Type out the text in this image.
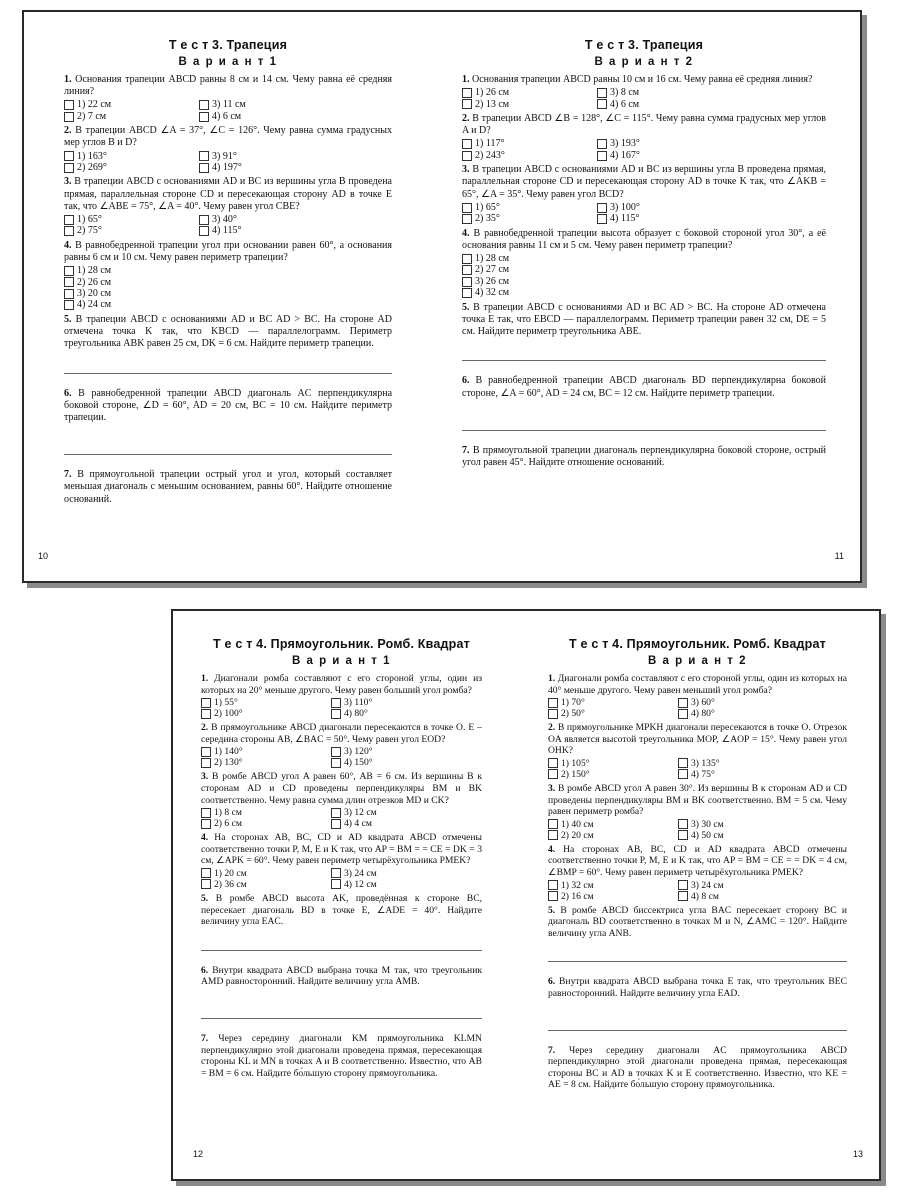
Т е с т 3. Трапеция
В а р и а н т 1
1. Основания трапеции ABCD равны 8 см и 14 см. Чему равна её средняя линия?
1) 22 см	3) 11 см
2) 7 см	4) 6 см
2. В трапеции ABCD ∠A = 37°, ∠C = 126°. Чему равна сумма градусных мер углов B и D?
1) 163°	3) 91°
2) 269°	4) 197°
3. В трапеции ABCD с основаниями AD и BC из вершины угла B проведена прямая, параллельная стороне CD и пересекающая сторону AD в точке E так, что ∠ABE = 75°, ∠A = 40°. Чему равен угол CBE?
1) 65°	3) 40°
2) 75°	4) 115°
4. В равнобедренной трапеции угол при основании равен 60°, а основания равны 6 см и 10 см. Чему равен периметр трапеции?
1) 28 см
2) 26 см
3) 20 см
4) 24 см
5. В трапеции ABCD с основаниями AD и BC AD > BC. На стороне AD отмечена точка K так, что KBCD — параллелограмм. Периметр треугольника ABK равен 25 см, DK = 6 см. Найдите периметр трапеции.
6. В равнобедренной трапеции ABCD диагональ AC перпендикулярна боковой стороне, ∠D = 60°, AD = 20 см, BC = 10 см. Найдите периметр трапеции.
7. В прямоугольной трапеции острый угол и угол, который составляет меньшая диагональ с меньшим основанием, равны 60°. Найдите отношение оснований.
10
Т е с т 3. Трапеция
В а р и а н т 2
1. Основания трапеции ABCD равны 10 см и 16 см. Чему равна её средняя линия?
1) 26 см	3) 8 см
2) 13 см	4) 6 см
2. В трапеции ABCD ∠B = 128°, ∠C = 115°. Чему равна сумма градусных мер углов A и D?
1) 117°	3) 193°
2) 243°	4) 167°
3. В трапеции ABCD с основаниями AD и BC из вершины угла B проведена прямая, параллельная стороне CD и пересекающая сторону AD в точке K так, что ∠AKB = 65°, ∠A = 35°. Чему равен угол BCD?
1) 65°	3) 100°
2) 35°	4) 115°
4. В равнобедренной трапеции высота образует с боковой стороной угол 30°, а её основания равны 11 см и 5 см. Чему равен периметр трапеции?
1) 28 см
2) 27 см
3) 26 см
4) 32 см
5. В трапеции ABCD с основаниями AD и BC AD > BC. На стороне AD отмечена точка E так, что EBCD — параллелограмм. Периметр трапеции равен 32 см, DE = 5 см. Найдите периметр треугольника ABE.
6. В равнобедренной трапеции ABCD диагональ BD перпендикулярна боковой стороне, ∠A = 60°, AD = 24 см, BC = 12 см. Найдите периметр трапеции.
7. В прямоугольной трапеции диагональ перпендикулярна боковой стороне, острый угол равен 45°. Найдите отношение оснований.
11
Т е с т 4. Прямоугольник. Ромб. Квадрат
В а р и а н т 1
1. Диагонали ромба составляют с его стороной углы, один из которых на 20° меньше другого. Чему равен больший угол ромба?
1) 55°	3) 110°
2) 100°	4) 80°
2. В прямоугольнике ABCD диагонали пересекаются в точке O. E – середина стороны AB, ∠BAC = 50°. Чему равен угол EOD?
1) 140°	3) 120°
2) 130°	4) 150°
3. В ромбе ABCD угол A равен 60°, AB = 6 см. Из вершины B к сторонам AD и CD проведены перпендикуляры BM и BK соответственно. Чему равна сумма длин отрезков MD и CK?
1) 8 см	3) 12 см
2) 6 см	4) 4 см
4. На сторонах AB, BC, CD и AD квадрата ABCD отмечены соответственно точки P, M, E и K так, что AP = BM = = CE = DK = 3 см, ∠APK = 60°. Чему равен периметр четырёхугольника PMEK?
1) 20 см	3) 24 см
2) 36 см	4) 12 см
5. В ромбе ABCD высота AK, проведённая к стороне BC, пересекает диагональ BD в точке E, ∠ADE = 40°. Найдите величину угла EAC.
6. Внутри квадрата ABCD выбрана точка M так, что треугольник AMD равносторонний. Найдите величину угла AMB.
7. Через середину диагонали KM прямоугольника KLMN перпендикулярно этой диагонали проведена прямая, пересекающая стороны KL и MN в точках A и B соответственно. Известно, что AB = BM = 6 см. Найдите бо́льшую сторону прямоугольника.
12
Т е с т 4. Прямоугольник. Ромб. Квадрат
В а р и а н т 2
1. Диагонали ромба составляют с его стороной углы, один из которых на 40° меньше другого. Чему равен меньший угол ромба?
1) 70°	3) 60°
2) 50°	4) 80°
2. В прямоугольнике MPKH диагонали пересекаются в точке O. Отрезок OA является высотой треугольника MOP, ∠AOP = 15°. Чему равен угол OHK?
1) 105°	3) 135°
2) 150°	4) 75°
3. В ромбе ABCD угол A равен 30°. Из вершины B к сторонам AD и CD проведены перпендикуляры BM и BK соответственно. BM = 5 см. Чему равен периметр ромба?
1) 40 см	3) 30 см
2) 20 см	4) 50 см
4. На сторонах AB, BC, CD и AD квадрата ABCD отмечены соответственно точки P, M, E и K так, что AP = BM = CE = = DK = 4 см, ∠BMP = 60°. Чему равен периметр четырёхугольника PMEK?
1) 32 см	3) 24 см
2) 16 см	4) 8 см
5. В ромбе ABCD биссектриса угла BAC пересекает сторону BC и диагональ BD соответственно в точках M и N, ∠AMC = 120°. Найдите величину угла ANB.
6. Внутри квадрата ABCD выбрана точка E так, что треугольник BEC равносторонний. Найдите величину угла EAD.
7. Через середину диагонали AC прямоугольника ABCD перпендикулярно этой диагонали проведена прямая, пересекающая стороны BC и AD в точках K и E соответственно. Известно, что KE = AE = 8 см. Найдите бо́льшую сторону прямоугольника.
13
